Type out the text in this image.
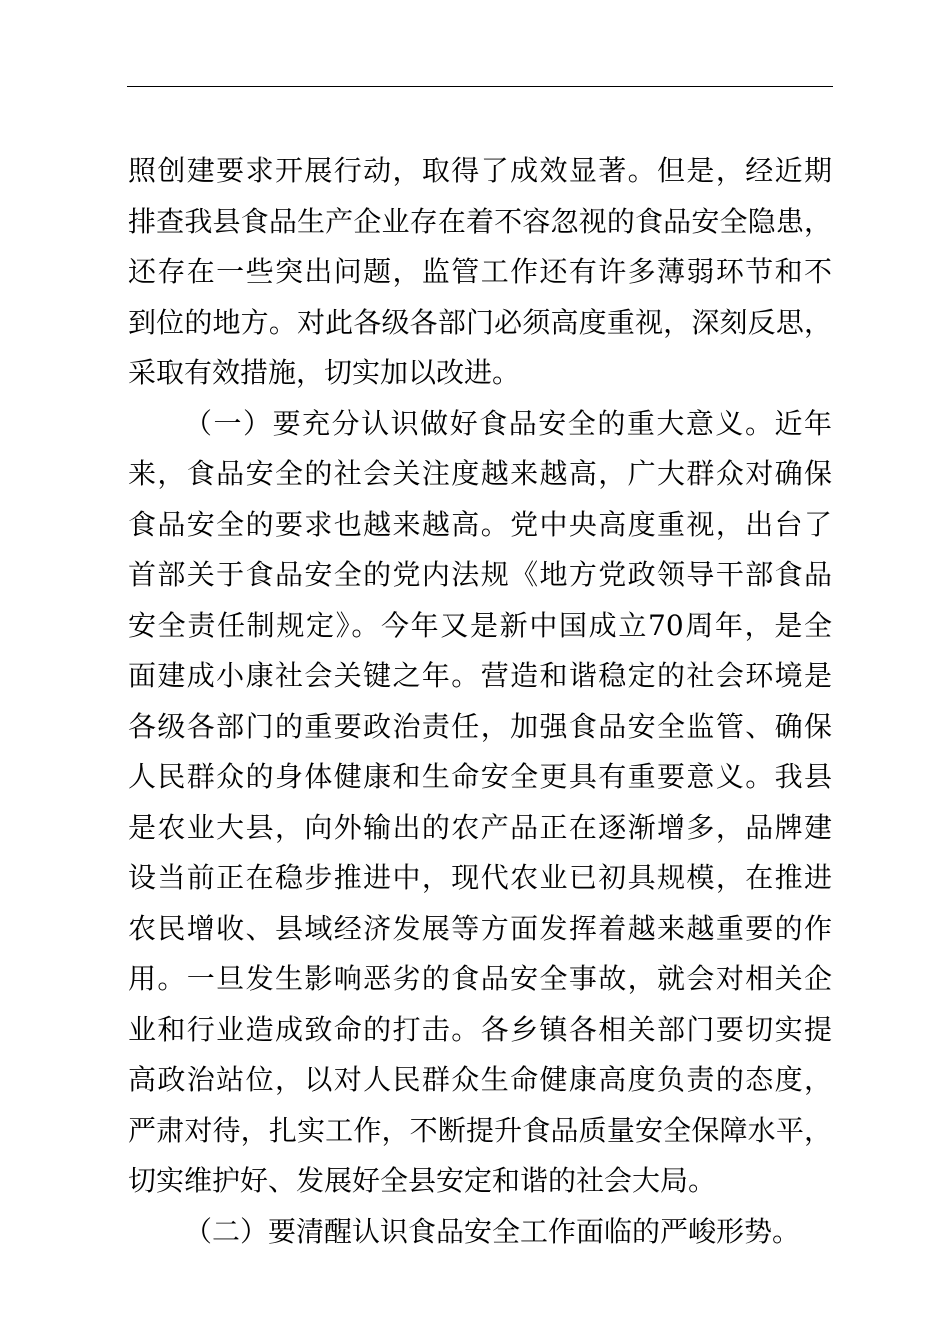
照创建要求开展行动，取得了成效显著。但是，经近期
排查我县食品生产企业存在着不容忽视的食品安全隐患，
还存在一些突出问题，监管工作还有许多薄弱环节和不
到位的地方。对此各级各部门必须高度重视，深刻反思，
采取有效措施，切实加以改进。
（一）要充分认识做好食品安全的重大意义。近年
来，食品安全的社会关注度越来越高，广大群众对确保
食品安全的要求也越来越高。党中央高度重视，出台了
首部关于食品安全的党内法规《地方党政领导干部食品
安全责任制规定》。今年又是新中国成立70周年，是全
面建成小康社会关键之年。营造和谐稳定的社会环境是
各级各部门的重要政治责任，加强食品安全监管、确保
人民群众的身体健康和生命安全更具有重要意义。我县
是农业大县，向外输出的农产品正在逐渐增多，品牌建
设当前正在稳步推进中，现代农业已初具规模，在推进
农民增收、县域经济发展等方面发挥着越来越重要的作
用。一旦发生影响恶劣的食品安全事故，就会对相关企
业和行业造成致命的打击。各乡镇各相关部门要切实提
高政治站位，以对人民群众生命健康高度负责的态度，
严肃对待，扎实工作，不断提升食品质量安全保障水平，
切实维护好、发展好全县安定和谐的社会大局。
（二）要清醒认识食品安全工作面临的严峻形势。
